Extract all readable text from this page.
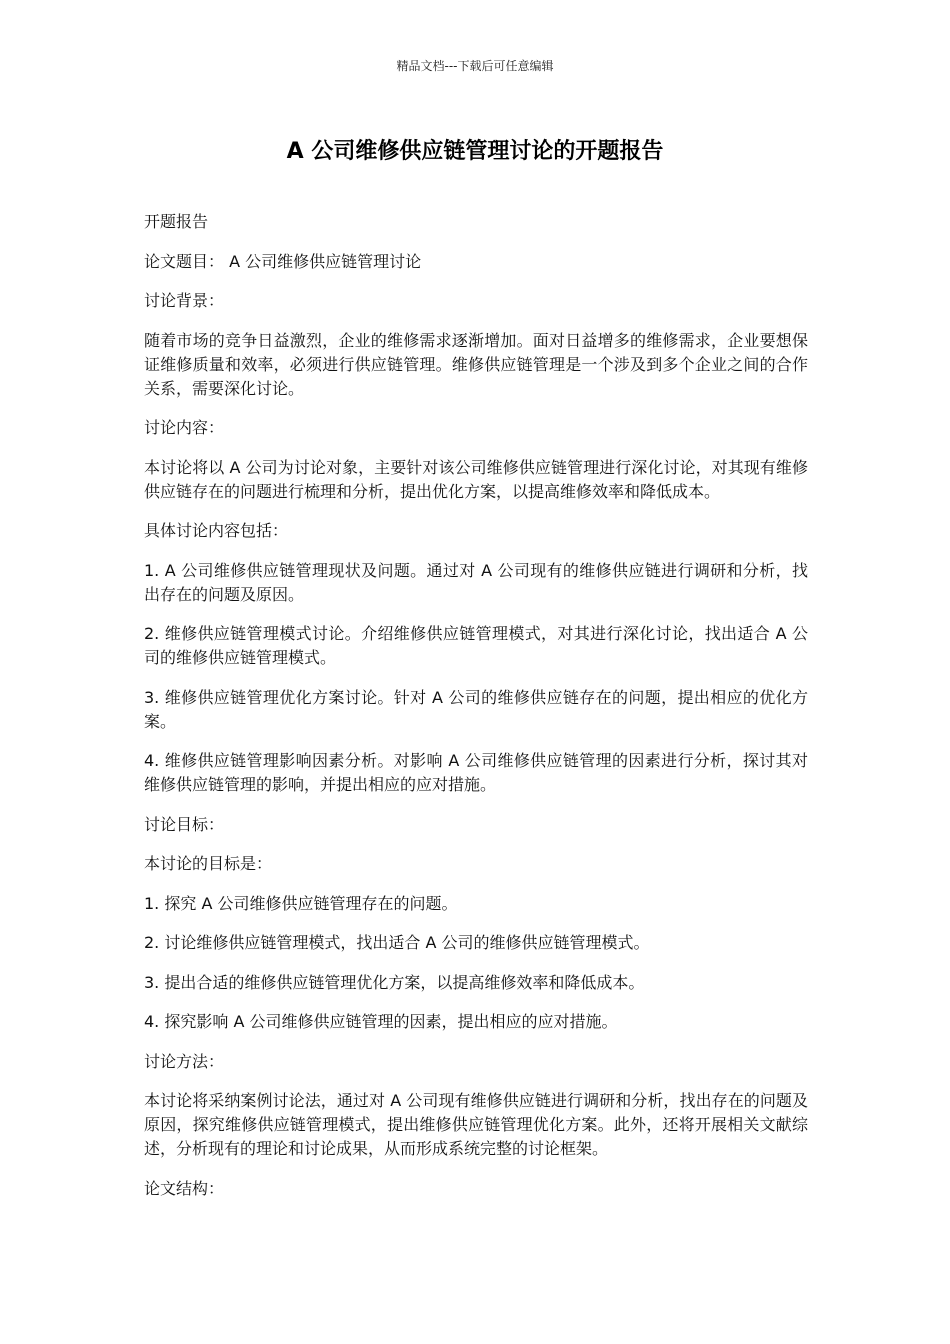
精品文档---下载后可任意编辑
A 公司维修供应链管理讨论的开题报告

开题报告

论文题目： A 公司维修供应链管理讨论

讨论背景：

随着市场的竞争日益激烈，企业的维修需求逐渐增加。面对日益增多的维修需求，企业要想保证维修质量和效率，必须进行供应链管理。维修供应链管理是一个涉及到多个企业之间的合作关系，需要深化讨论。

讨论内容：

本讨论将以 A 公司为讨论对象，主要针对该公司维修供应链管理进行深化讨论，对其现有维修供应链存在的问题进行梳理和分析，提出优化方案，以提高维修效率和降低成本。

具体讨论内容包括：

1. A 公司维修供应链管理现状及问题。通过对 A 公司现有的维修供应链进行调研和分析，找出存在的问题及原因。

2. 维修供应链管理模式讨论。介绍维修供应链管理模式，对其进行深化讨论，找出适合 A 公司的维修供应链管理模式。

3. 维修供应链管理优化方案讨论。针对 A 公司的维修供应链存在的问题，提出相应的优化方案。

4. 维修供应链管理影响因素分析。对影响 A 公司维修供应链管理的因素进行分析，探讨其对维修供应链管理的影响，并提出相应的应对措施。

讨论目标：

本讨论的目标是：

1. 探究 A 公司维修供应链管理存在的问题。

2. 讨论维修供应链管理模式，找出适合 A 公司的维修供应链管理模式。

3. 提出合适的维修供应链管理优化方案，以提高维修效率和降低成本。

4. 探究影响 A 公司维修供应链管理的因素，提出相应的应对措施。

讨论方法：

本讨论将采纳案例讨论法，通过对 A 公司现有维修供应链进行调研和分析，找出存在的问题及原因，探究维修供应链管理模式，提出维修供应链管理优化方案。此外，还将开展相关文献综述，分析现有的理论和讨论成果，从而形成系统完整的讨论框架。

论文结构：
